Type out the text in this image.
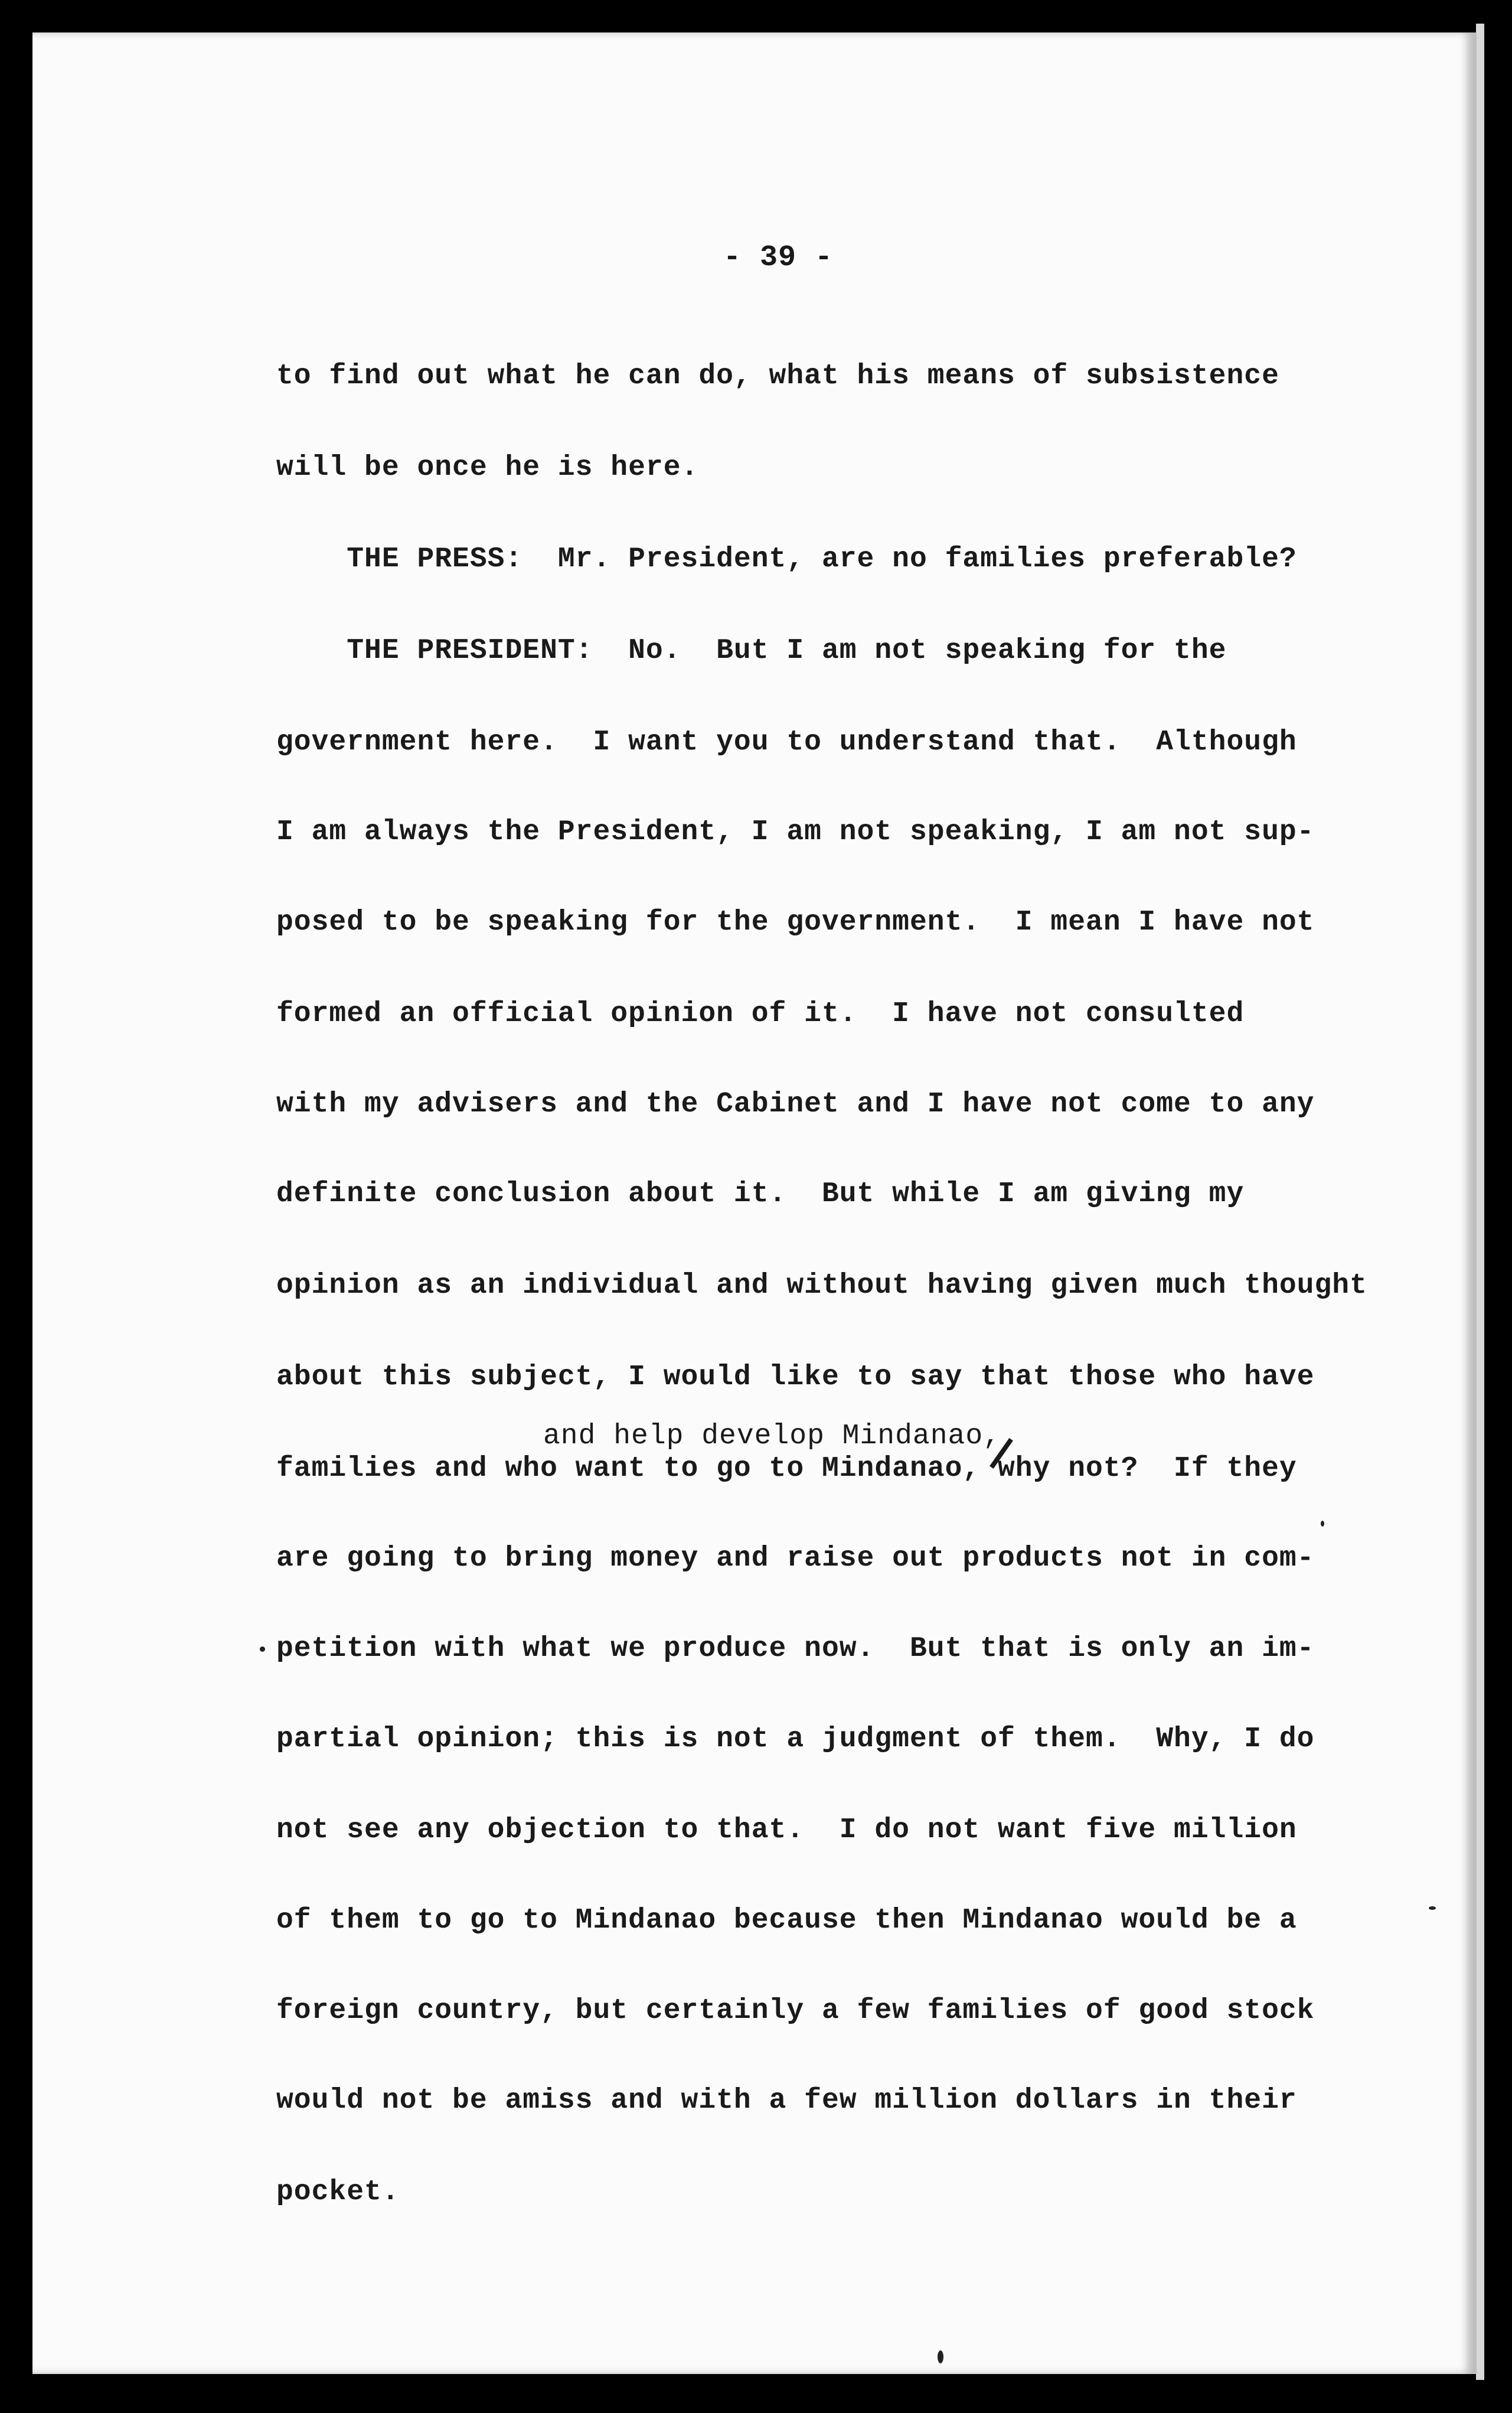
- 39 -
to find out what he can do, what his means of subsistence
will be once he is here.
THE PRESS:  Mr. President, are no families preferable?
THE PRESIDENT:  No.  But I am not speaking for the
government here.  I want you to understand that.  Although
I am always the President, I am not speaking, I am not sup-
posed to be speaking for the government.  I mean I have not
formed an official opinion of it.  I have not consulted
with my advisers and the Cabinet and I have not come to any
definite conclusion about it.  But while I am giving my
opinion as an individual and without having given much thought
about this subject, I would like to say that those who have
and help develop Mindanao,
families and who want to go to Mindanao, why not?  If they
are going to bring money and raise out products not in com-
petition with what we produce now.  But that is only an im-
partial opinion; this is not a judgment of them.  Why, I do
not see any objection to that.  I do not want five million
of them to go to Mindanao because then Mindanao would be a
foreign country, but certainly a few families of good stock
would not be amiss and with a few million dollars in their
pocket.
